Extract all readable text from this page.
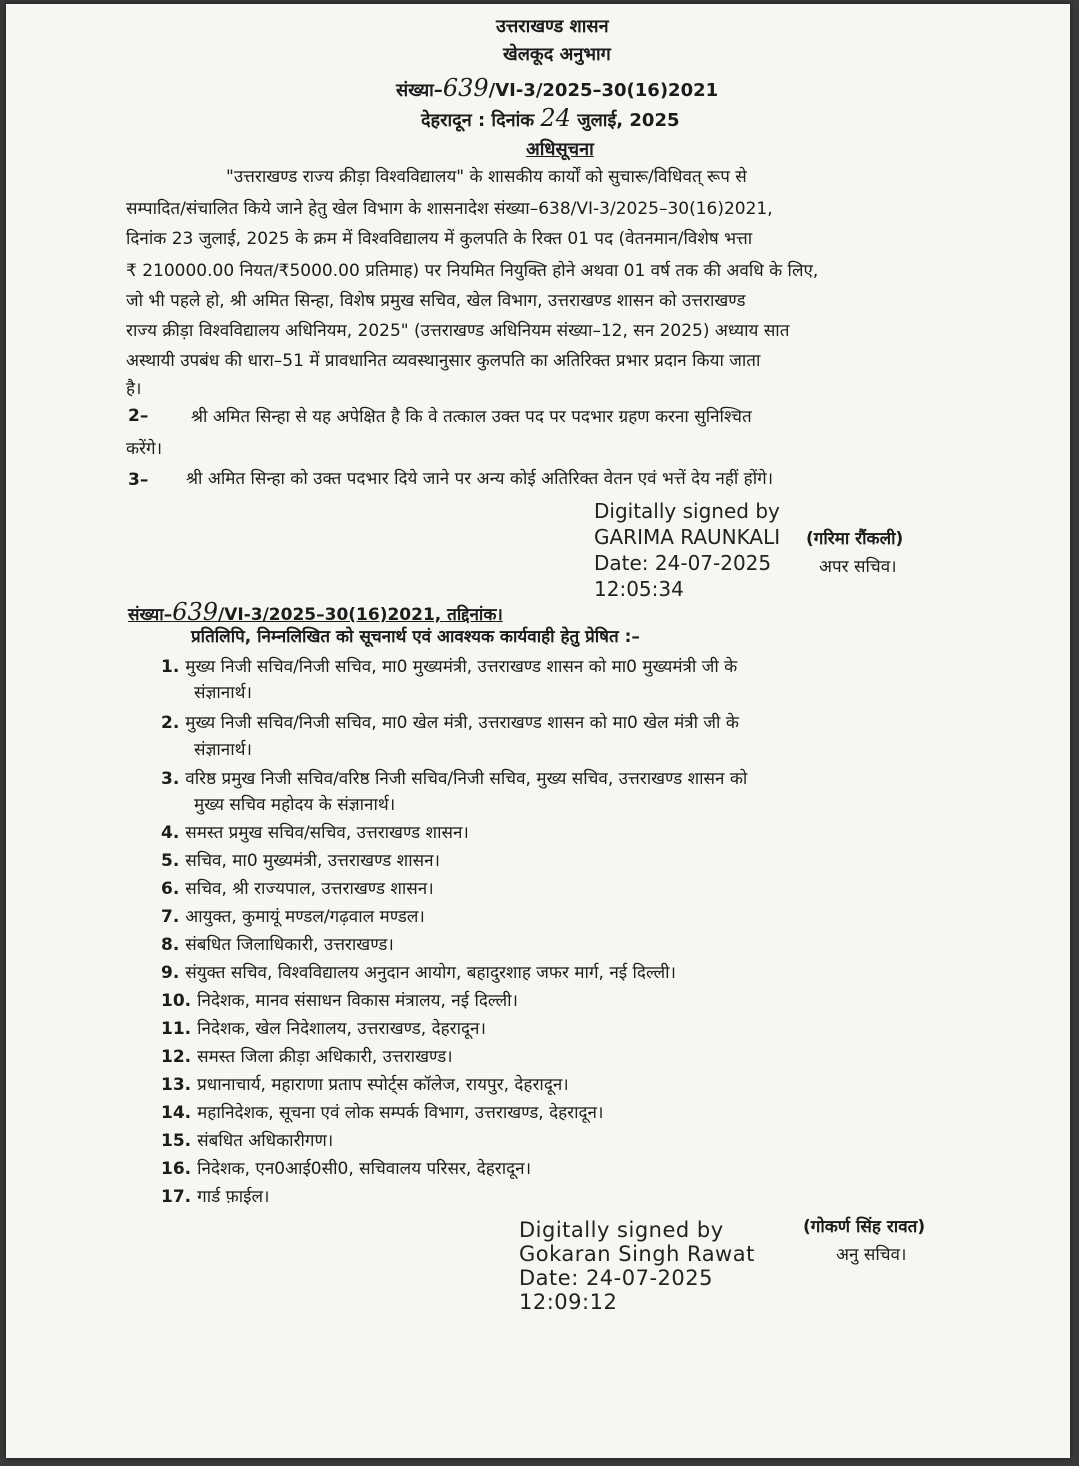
उत्तराखण्ड शासन
खेलकूद अनुभाग
संख्या–639/VI-3/2025–30(16)2021
देहरादून : दिनांक 24 जुलाई, 2025
अधिसूचना
"उत्तराखण्ड राज्य क्रीड़ा विश्वविद्यालय" के शासकीय कार्यों को सुचारू/विधिवत् रूप से
सम्पादित/संचालित किये जाने हेतु खेल विभाग के शासनादेश संख्या–638/VI-3/2025–30(16)2021,
दिनांक 23 जुलाई, 2025 के क्रम में विश्वविद्यालय में कुलपति के रिक्त 01 पद (वेतनमान/विशेष भत्ता
₹ 210000.00 नियत/₹5000.00 प्रतिमाह) पर नियमित नियुक्ति होने अथवा 01 वर्ष तक की अवधि के लिए,
जो भी पहले हो, श्री अमित सिन्हा, विशेष प्रमुख सचिव, खेल विभाग, उत्तराखण्ड शासन को उत्तराखण्ड
राज्य क्रीड़ा विश्वविद्यालय अधिनियम, 2025" (उत्तराखण्ड अधिनियम संख्या–12, सन 2025) अध्याय सात
अस्थायी उपबंध की धारा–51 में प्रावधानित व्यवस्थानुसार कुलपति का अतिरिक्त प्रभार प्रदान किया जाता
है।
2–	श्री अमित सिन्हा से यह अपेक्षित है कि वे तत्काल उक्त पद पर पदभार ग्रहण करना सुनिश्चित
करेंगे।
3– श्री अमित सिन्हा को उक्त पदभार दिये जाने पर अन्य कोई अतिरिक्त वेतन एवं भत्तें देय नहीं होंगे।
Digitally signed by
GARIMA RAUNKALI
Date: 24-07-2025
12:05:34
(गरिमा रौंकली)
अपर सचिव।
संख्या–639/VI-3/2025–30(16)2021, तद्दिनांक।
प्रतिलिपि, निम्नलिखित को सूचनार्थ एवं आवश्यक कार्यवाही हेतु प्रेषित :–
1. मुख्य निजी सचिव/निजी सचिव, मा0 मुख्यमंत्री, उत्तराखण्ड शासन को मा0 मुख्यमंत्री जी के
संज्ञानार्थ।
2. मुख्य निजी सचिव/निजी सचिव, मा0 खेल मंत्री, उत्तराखण्ड शासन को मा0 खेल मंत्री जी के
संज्ञानार्थ।
3. वरिष्ठ प्रमुख निजी सचिव/वरिष्ठ निजी सचिव/निजी सचिव, मुख्य सचिव, उत्तराखण्ड शासन को
मुख्य सचिव महोदय के संज्ञानार्थ।
4. समस्त प्रमुख सचिव/सचिव, उत्तराखण्ड शासन।
5. सचिव, मा0 मुख्यमंत्री, उत्तराखण्ड शासन।
6. सचिव, श्री राज्यपाल, उत्तराखण्ड शासन।
7. आयुक्त, कुमायूं मण्डल/गढ़वाल मण्डल।
8. संबधित जिलाधिकारी, उत्तराखण्ड।
9. संयुक्त सचिव, विश्वविद्यालय अनुदान आयोग, बहादुरशाह जफर मार्ग, नई दिल्ली।
10. निदेशक, मानव संसाधन विकास मंत्रालय, नई दिल्ली।
11. निदेशक, खेल निदेशालय, उत्तराखण्ड, देहरादून।
12. समस्त जिला क्रीड़ा अधिकारी, उत्तराखण्ड।
13. प्रधानाचार्य, महाराणा प्रताप स्पोर्ट्स कॉलेज, रायपुर, देहरादून।
14. महानिदेशक, सूचना एवं लोक सम्पर्क विभाग, उत्तराखण्ड, देहरादून।
15. संबधित अधिकारीगण।
16. निदेशक, एन0आई0सी0, सचिवालय परिसर, देहरादून।
17. गार्ड फ़ाईल।
Digitally signed by
Gokaran Singh Rawat
Date: 24-07-2025
12:09:12
(गोकर्ण सिंह रावत)
अनु सचिव।
